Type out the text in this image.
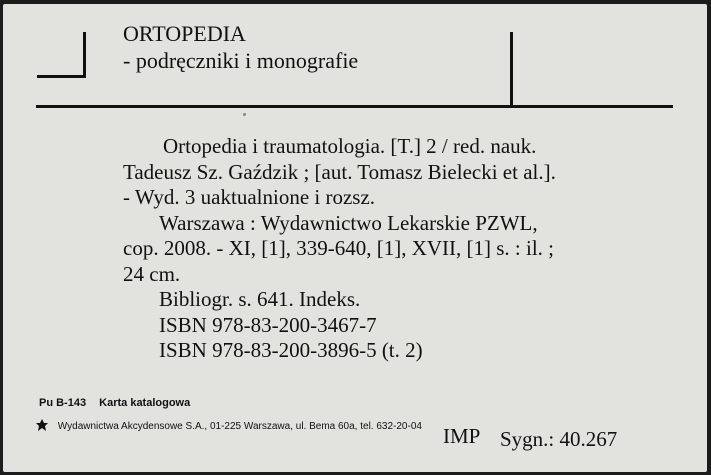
ORTOPEDIA
- podręczniki i monografie
Ortopedia i traumatologia. [T.] 2 / red. nauk.
Tadeusz Sz. Gaździk ; [aut. Tomasz Bielecki et al.].
- Wyd. 3 uaktualnione i rozsz.
Warszawa : Wydawnictwo Lekarskie PZWL,
cop. 2008. - XI, [1], 339-640, [1], XVII, [1] s. : il. ;
24 cm.
Bibliogr. s. 641. Indeks.
ISBN 978-83-200-3467-7
ISBN 978-83-200-3896-5 (t. 2)
Pu B-143 Karta katalogowa
Wydawnictwa Akcydensowe S.A., 01-225 Warszawa, ul. Bema 60a, tel. 632-20-04 IMP Sygn.: 40.267
